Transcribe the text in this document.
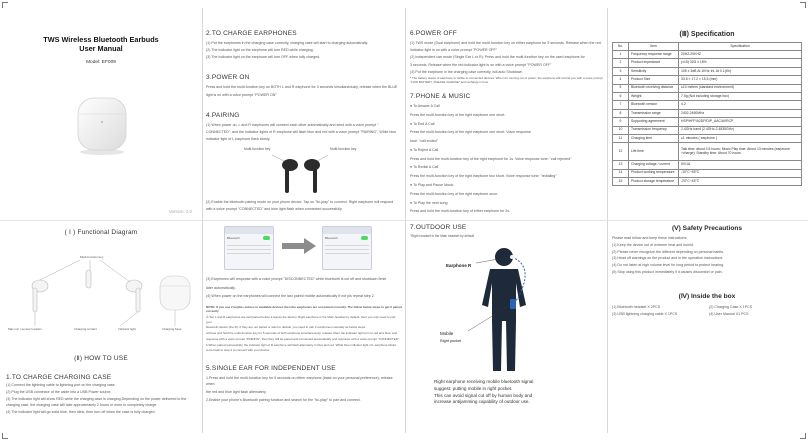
TWS Wireless Bluetooth Earbuds
User Manual
Model: EF009
Version: 2.0
2.TO CHARGE EARPHONES

(1) Put the earphones in the charging case correctly, charging case will start to charging automatically.

(2) The indicator light on the earphone will turn RED while charging.

(3) The indicator light on the earphone will turn OFF when fully charged.

3.POWER ON

Press and hold the multi-function key on BOTH L and R earphone for 3 seconds simultaneously, release when the BLUE

light is on with a voice prompt "POWER ON"

4.PAIRING

(1) When power on, L and R earphones will connect each other automatically and send with a voice prompt "

CONNECTED", and the indicator lights of R earphone will flash blue and red with a voice prompt "PAIRING", While blue

indicator light of L earphone flash slowly.

Multi-function key	Multi-function key

(2) Enable the bluetooth pairing mode on your phone device. Tap on "tic-play" to connect. Right earphone will respond

with a voice prompt "CONNECTED" and blue light flash when connected successfully.

6.POWER OFF

(1) TWS mode (Dual earphone) and hold the multi-function key on either earphone for 5 seconds. Release when the red

indicator light is on with a voice prompt "POWER OFF"

(2) Independent use mode (Single Ear L or R): Press and hold the multi-function key on the used earphone for

3 seconds. Release when the red indicator light is on with a voice prompt "POWER OFF"

(3) Put the earphone in the charging case correctly, will auto Shutdown

* The battery status of earphone is visible to connected devices. When it's running out of power, the earphone will remind you with a voice prompt "LOW BATTERY, PLEASE CHARGE" and recharge in time.

7.PHONE & MUSIC

● To Answer A Call

Press the multi-function key of the right earphone one short.

● To End A Call

Press the multi-function key of the right earphone one short. Voice response

tone: "call ended"

● To Reject A Call

Press and hold the multi-function key of the right earphone for 1s. Voice response tone: "call rejected"

● To Redial A Call

Press the multi-function key of the right earphone two short. Voice response tone: "redialing"

● To Play and Pause Music

Press the multi-function key of the right earphone once.

● To Play the next song

Press and hold the multi-function key of either earphone for 2s.

(Ⅲ) Specification
No.	Item	Specification
1	Frequency response range	20HZ-20KHZ
2	Product impedance	(±15) 32Ω ± 15%
3	Sensitivity	105 ± 3dB At 1KHz Ini. At 0.1(Kh)
4	Product Size	33.5 × 17.2 × 15.5 (mm)
5	Bluetooth receiving distance	≤10 meters (standard environment)
6	Weight	7.5g (Not including storage box)
7	Bluetooth version	4.2
8	Transmission range	2402-2480MHz
9	Supporting agreement	HSP/HFP/A2DP/DIP_AAC/AVRCP
10	Transmission frequency	2.4GHz band (2.4GHz-2.4835GHz)
11	Charging time	≤1 minutes ( earphone )
12	Life time	Talk time: about 3.5 hours; Music Play time: About 13 minutes (earphone +charge); Standby time: About 70 hours
13	Charging voltage / current	5V/1A
14	Product working temperature	-10°C~55°C
15	Product storage temperature	-20°C~45°C
( Ⅰ ) Functional Diagram
Mac mic / sensor location	Charging contact
Multi-function key
Indicator light	Charging base
(Ⅱ) HOW TO USE
1.TO CHARGE CHARGING CASE

(1) Connect the lightning cable to lightning port on the charging case.

(2) Plug the USB connector of the cable into a USB Power source.

(3) The indicator light will show RED while the charging case is charging,Depending on the power delivered to the

charging case, the charging case will take approximately 2 hours or more to completely charge.

(4) The indicator light will go solid blue, then blink, then turn off when the case is fully charged.

Bluetooth	Bluetooth

(3) Earphones will response with a voice prompt "DISCONNECTED" while bluetooth is cut off and shutdown 5min

later automatically.

(4) When power on the earphones will connect the last paired mobile automatically If not pls repeat step 2.

NOTE: If you use 2 Iexplus entries in available devices then the earphones are not paired correctly. The follow below steps to get it paired correctly

① Set L and R earphones are well paired before it leaves the factory. Right earphone is the Main headset by default, then you only need to pair your

bluetooth device (the R). If they are not paired or want to default, you need to pair 2 earphones manually as below steps:

a.Press and hold the multi-function key for 5 seconds of both earphone simultaneously, release when the indicator light turn to red and blue, and

response with a voice prompt "PAIRING", then they will be paired and connected automatically and response with a voice prompt "CONNECTED".

b.When paired successfully, the indicator light of R earphone will flash alternately in blue and red. While blue indicator light of L earphone blinks

to be back to step 2 to connect with your device.

5.SINGLE EAR FOR INDEPENDENT USE

1.Press and hold the multi-function key for 5 seconds on either earphone (base on your personal preference), release when

the red and blue light flash alternately.

2.Enable your phone's Bluetooth pairing function and search for the "tic-play" to pair and connect.

7.OUTDOOR USE
"Right headset is the Main headset by default
Earphone R
Mobile
Right pocket

Right earphone receiving mobile bluetooth signal

suggest: putting mobile in right pocket.

This can avoid signal cut off by human body and

increase antijamming capability of outdoor use.

(Ⅴ) Safety Precautions

Please read follow and keep these instructions:

(1) Keep the device out of extreme heat and humid.

(2) Please never recognize the different depending on personal habits.

(3) Head off warnings on the product and in the operation instructions.

(4) Do not listen at high volume level for long period to protect hearing.

(5) Stop using this product immediately if it causes discomfort or pain.

(Ⅳ) Inside the box

(1) Bluetooth headset X 2PCS	(2) Charging Case X 1PCS

(3) USB lightning charging cable X 1PCS	(4) User Manual X1 PCS
